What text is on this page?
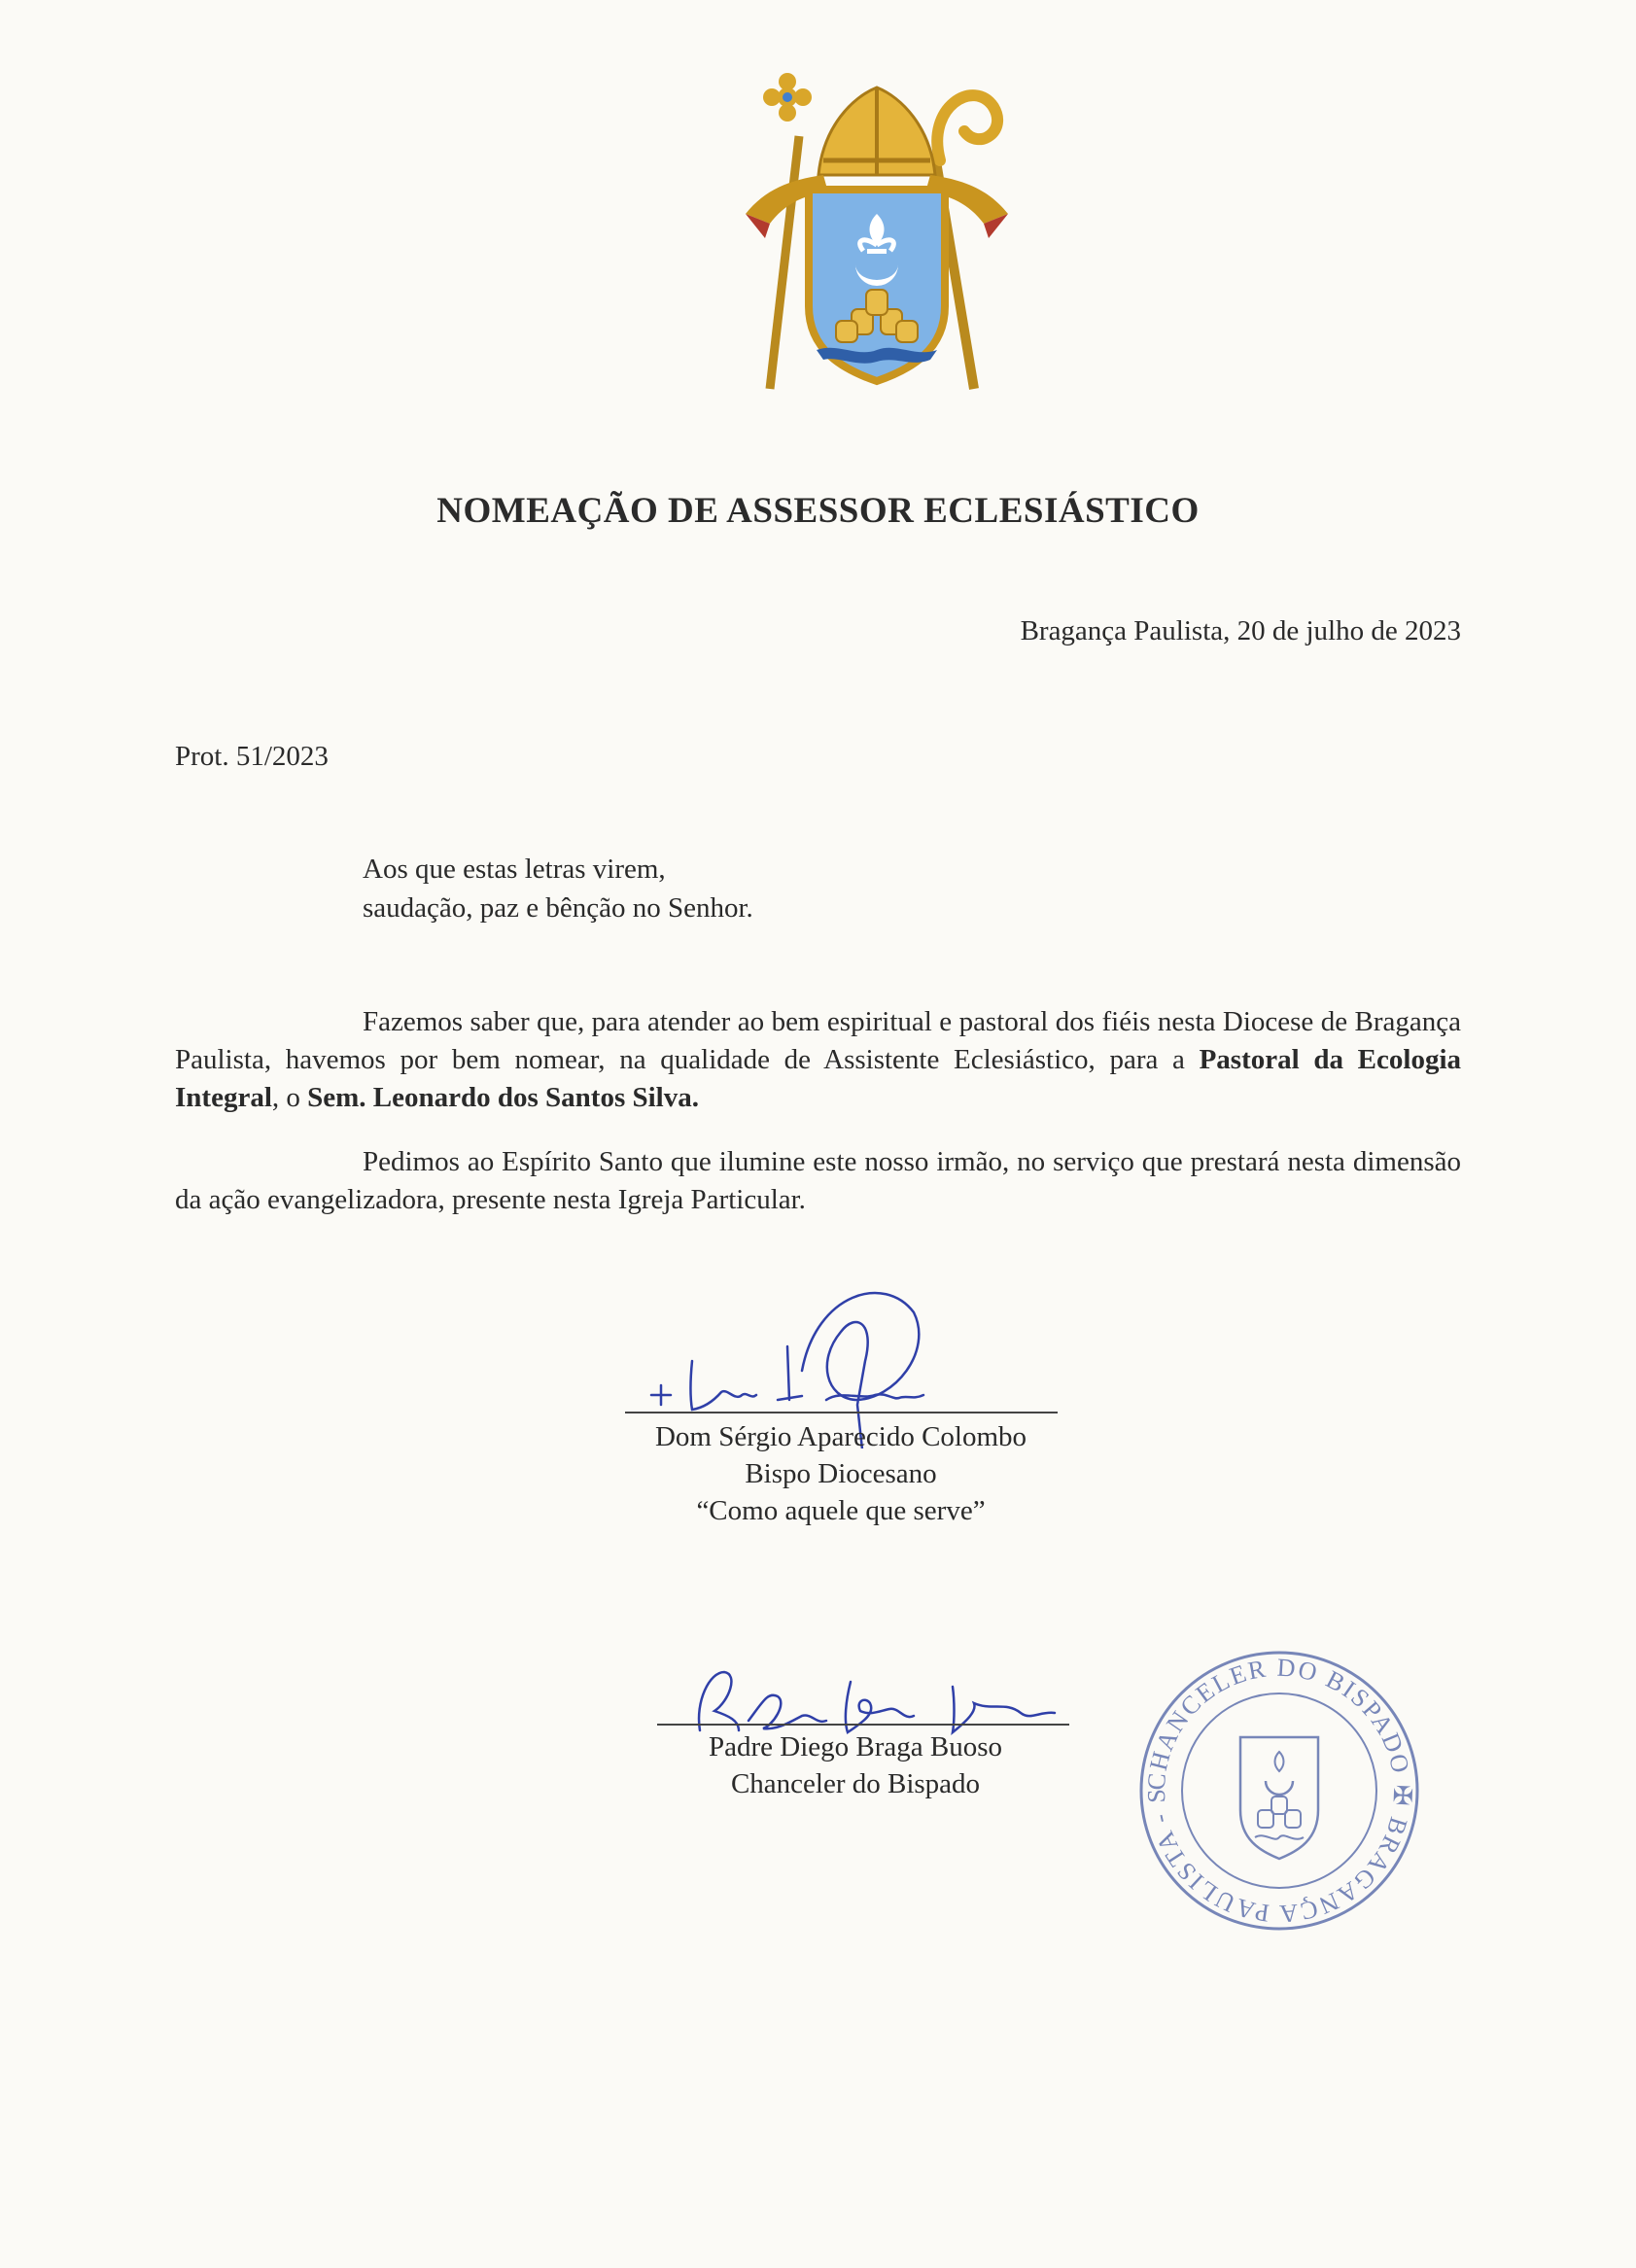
NOMEAÇÃO DE ASSESSOR ECLESIÁSTICO
Bragança Paulista, 20 de julho de 2023
Prot. 51/2023
Aos que estas letras virem,
saudação, paz e bênção no Senhor.
Fazemos saber que, para atender ao bem espiritual e pastoral dos fiéis nesta Diocese de Bragança Paulista, havemos por bem nomear, na qualidade de Assistente Eclesiástico, para a Pastoral da Ecologia Integral, o Sem. Leonardo dos Santos Silva.
Pedimos ao Espírito Santo que ilumine este nosso irmão, no serviço que prestará nesta dimensão da ação evangelizadora, presente nesta Igreja Particular.
Dom Sérgio Aparecido Colombo
Bispo Diocesano
“Como aquele que serve”
Padre Diego Braga Buoso
Chanceler do Bispado	CHANCELER DO BISPADO ✠ BRAGANÇA PAULISTA - S
